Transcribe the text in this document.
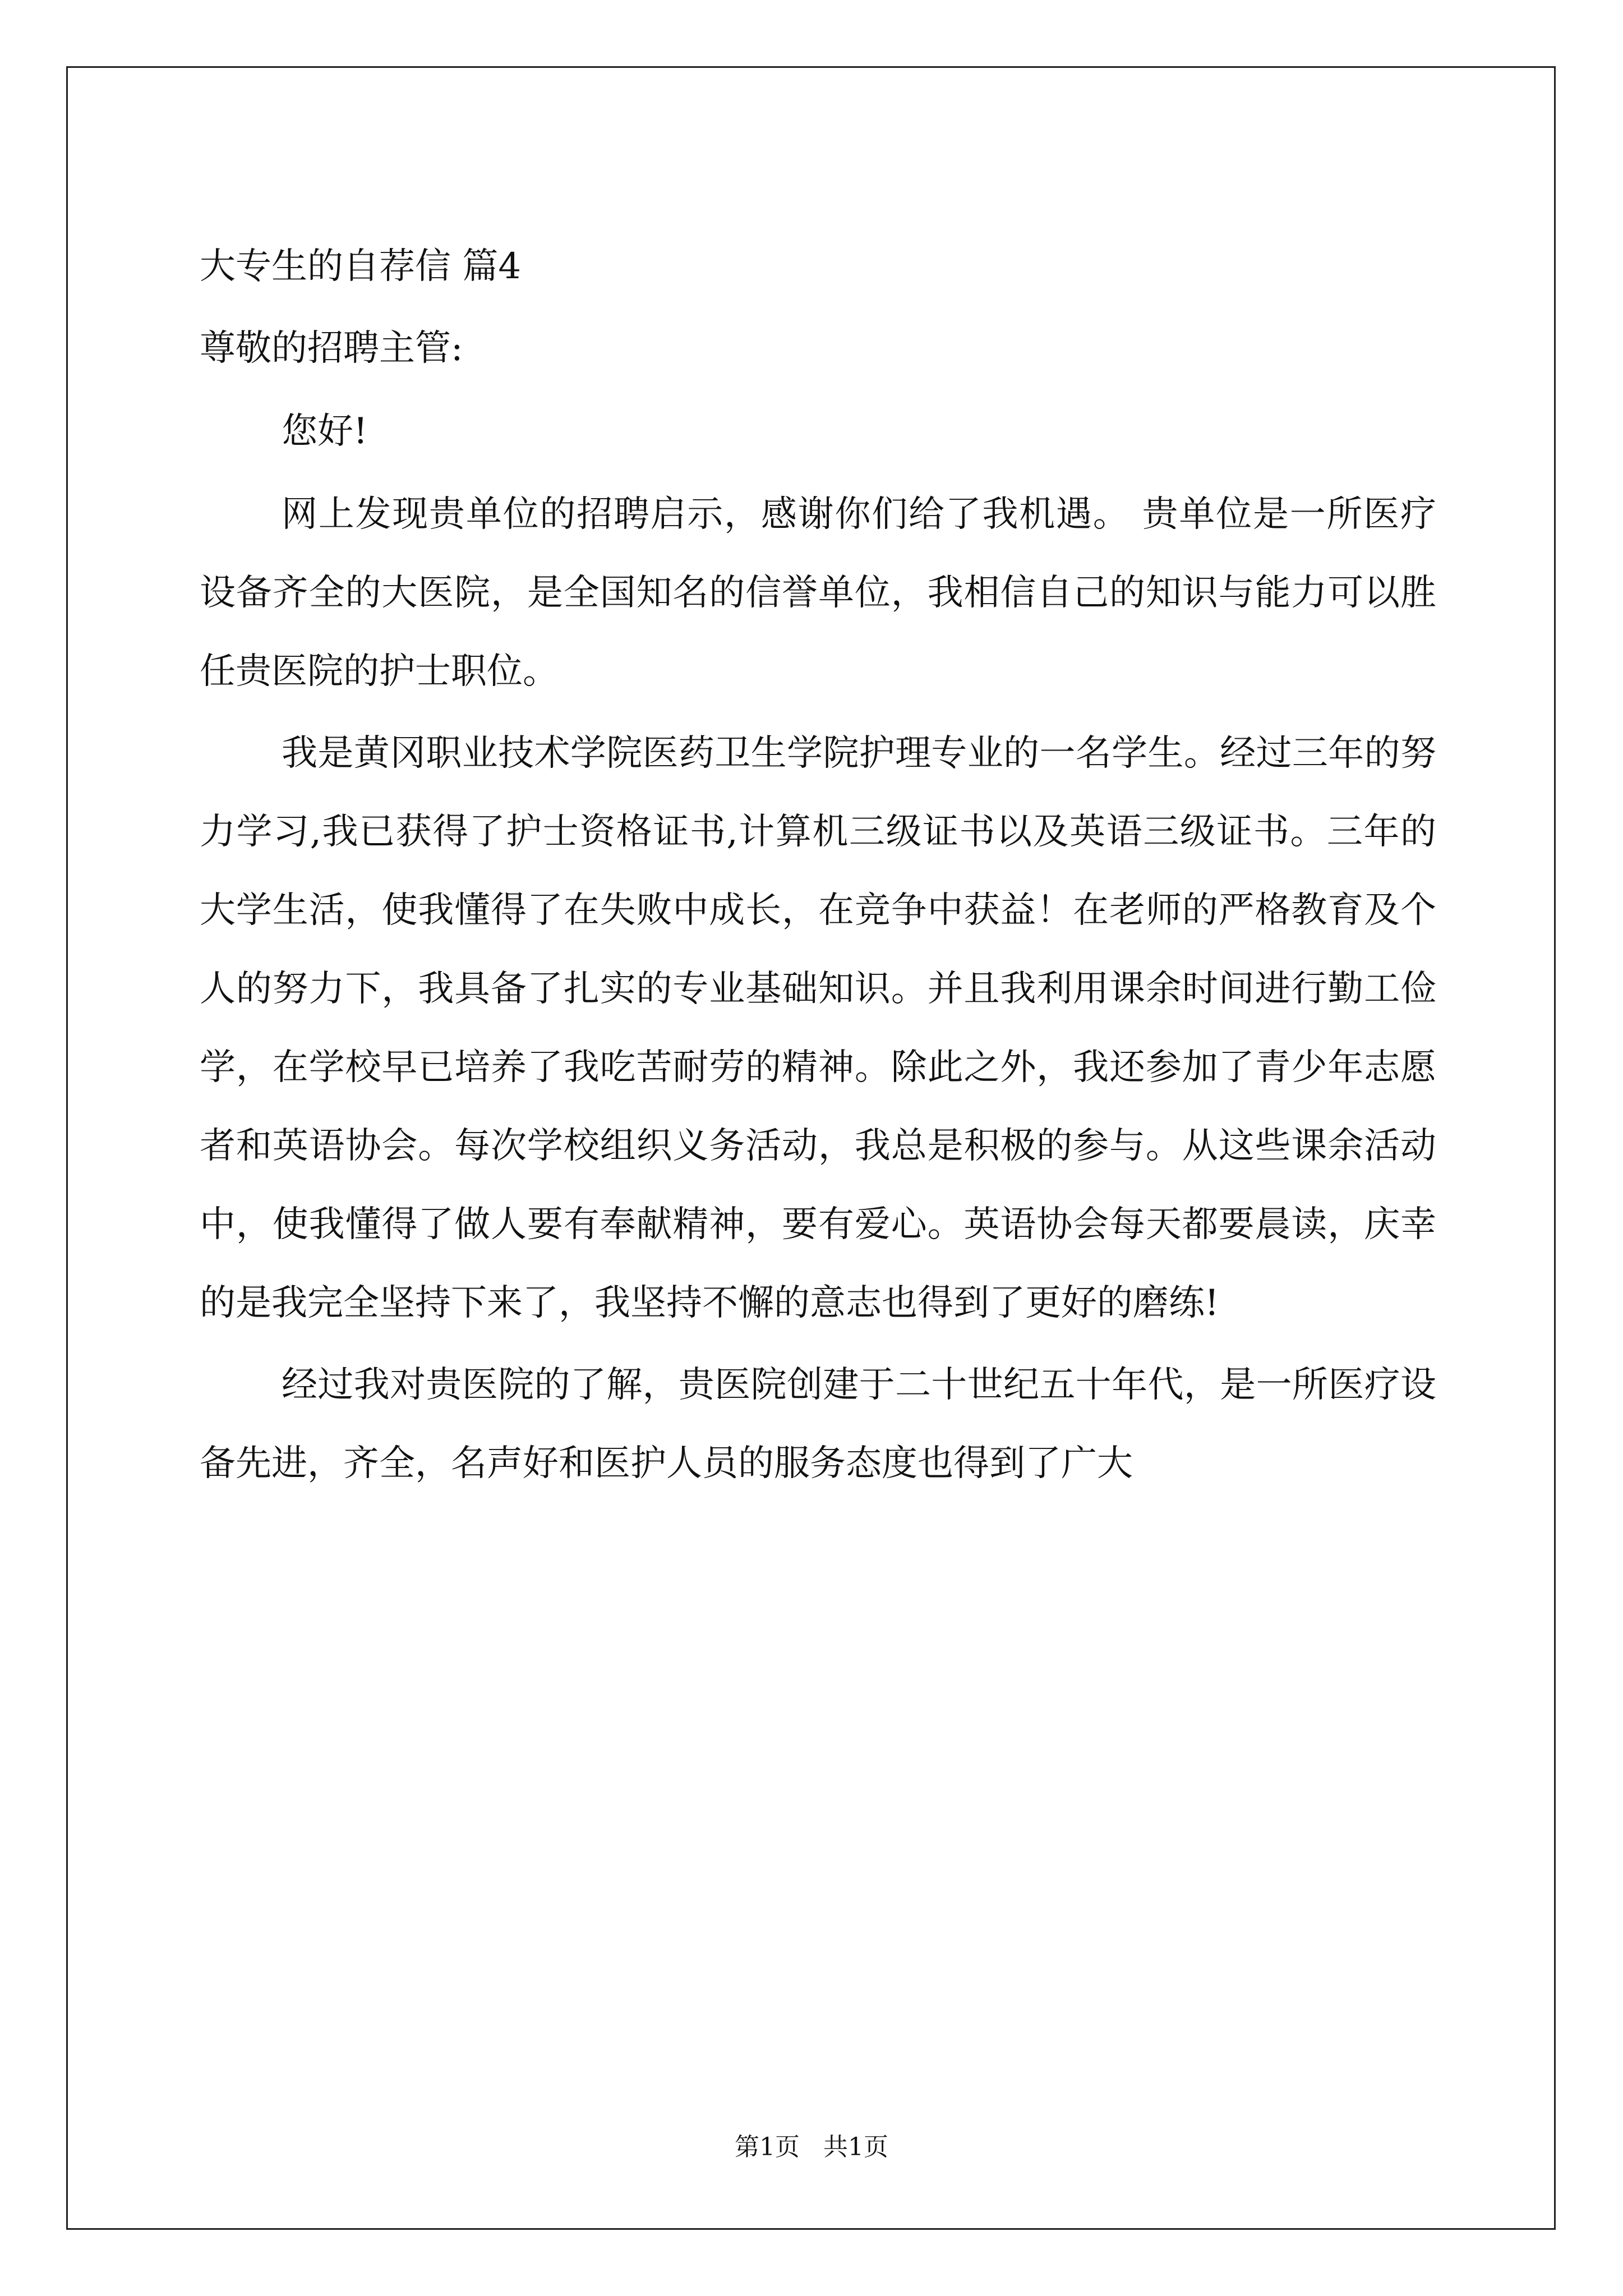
大专生的自荐信 篇4
尊敬的招聘主管:
您好!

网上发现贵单位的招聘启示，感谢你们给了我机遇。 贵单位是一所医疗设备齐全的大医院，是全国知名的信誉单位，我相信自己的知识与能力可以胜任贵医院的护士职位。

我是黄冈职业技术学院医药卫生学院护理专业的一名学生。经过三年的努力学习,我已获得了护士资格证书,计算机三级证书以及英语三级证书。三年的大学生活，使我懂得了在失败中成长，在竞争中获益！在老师的严格教育及个人的努力下，我具备了扎实的专业基础知识。并且我利用课余时间进行勤工俭学，在学校早已培养了我吃苦耐劳的精神。除此之外，我还参加了青少年志愿者和英语协会。每次学校组织义务活动，我总是积极的参与。从这些课余活动中，使我懂得了做人要有奉献精神，要有爱心。英语协会每天都要晨读，庆幸的是我完全坚持下来了，我坚持不懈的意志也得到了更好的磨练!

经过我对贵医院的了解，贵医院创建于二十世纪五十年代，是一所医疗设备先进，齐全，名声好和医护人员的服务态度也得到了广大

第1页   共1页
